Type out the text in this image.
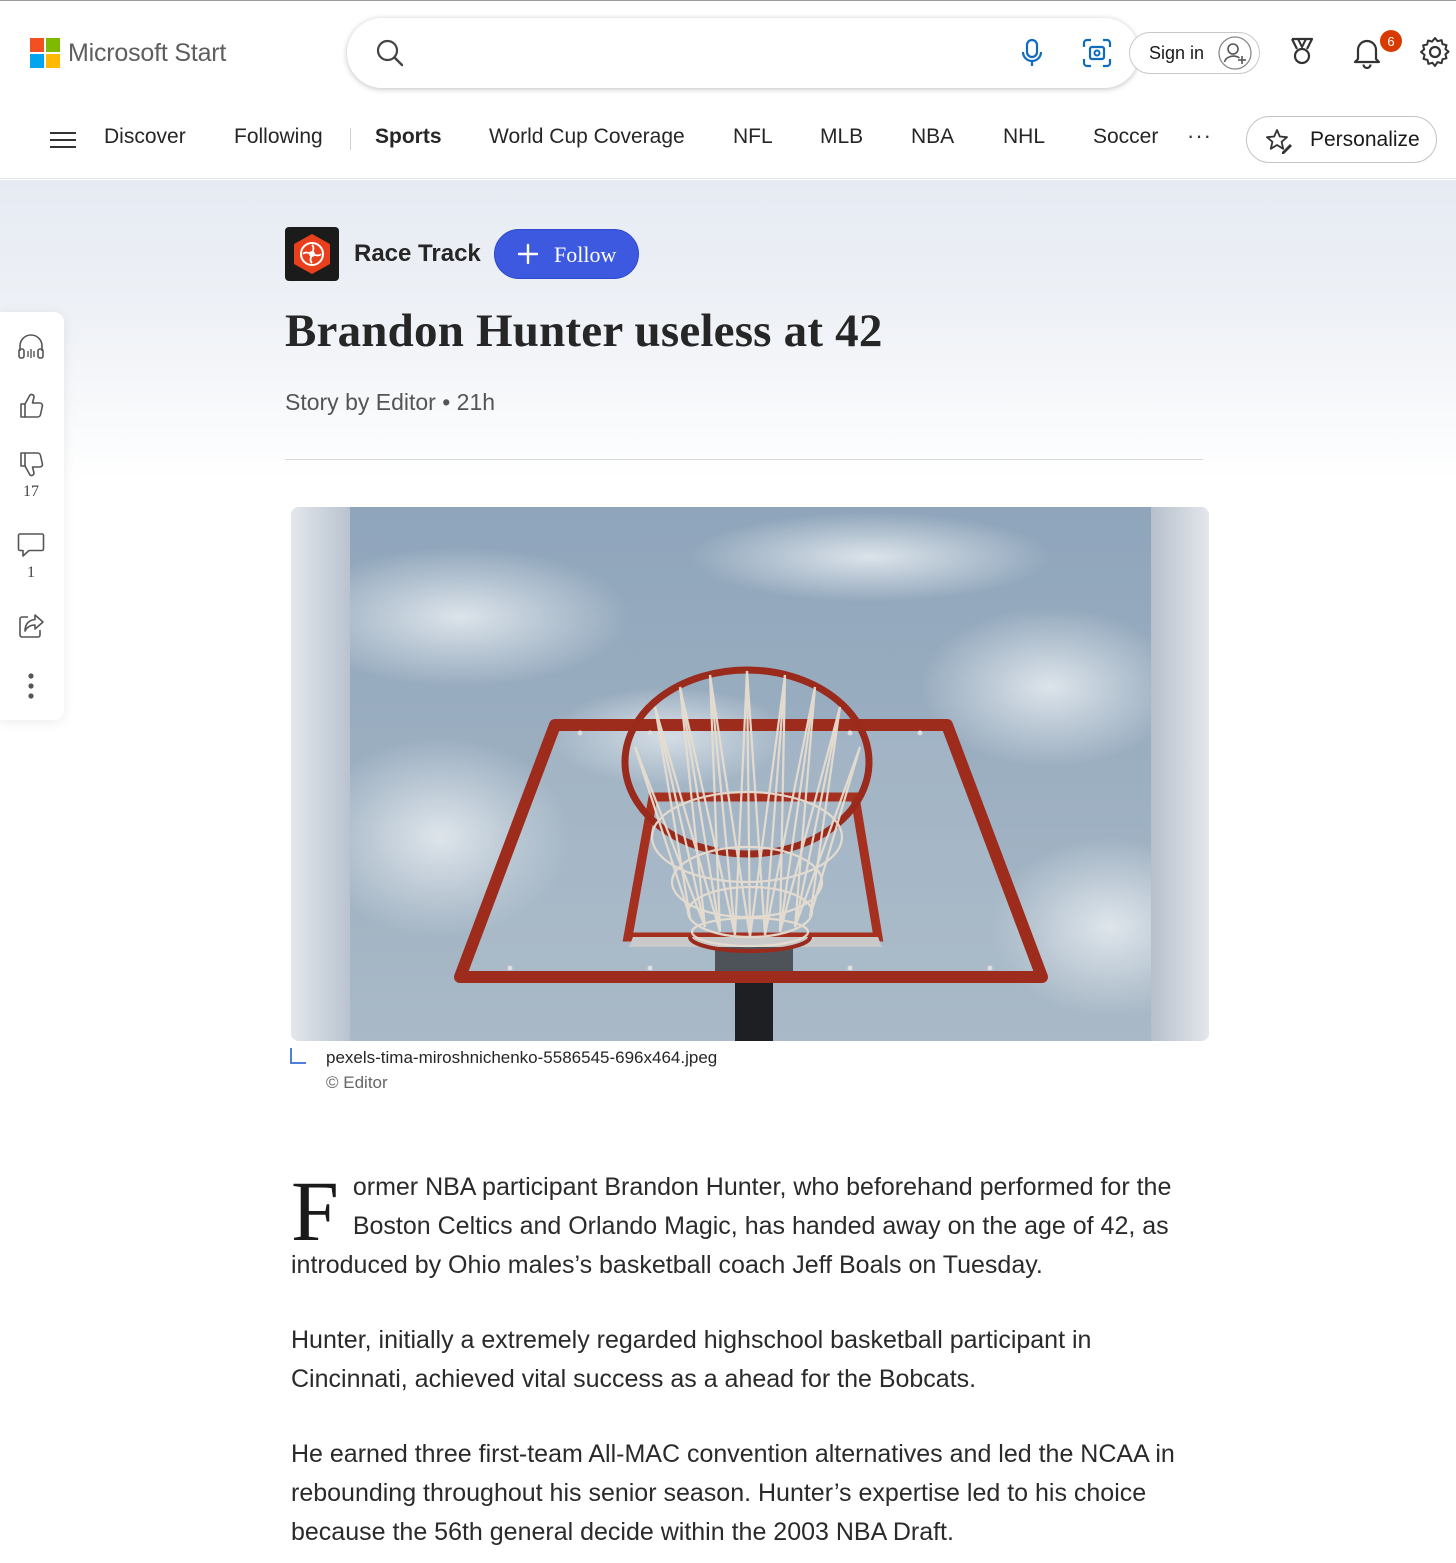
Microsoft Start	Sign in
6
Discover Following Sports World Cup Coverage NFL MLB NBA NHL Soccer ···	Personalize
17
1
Race Track	Follow
Brandon Hunter useless at 42
Story by Editor • 21h
pexels-tima-miroshnichenko-5586545-696x464.jpeg
© Editor
Former NBA participant Brandon Hunter, who beforehand performed for the Boston Celtics and Orlando Magic, has handed away on the age of 42, as introduced by Ohio males’s basketball coach Jeff Boals on Tuesday.
Hunter, initially a extremely regarded highschool basketball participant in Cincinnati, achieved vital success as a ahead for the Bobcats.
He earned three first-team All-MAC convention alternatives and led the NCAA in rebounding throughout his senior season. Hunter’s expertise led to his choice because the 56th general decide within the 2003 NBA Draft.
